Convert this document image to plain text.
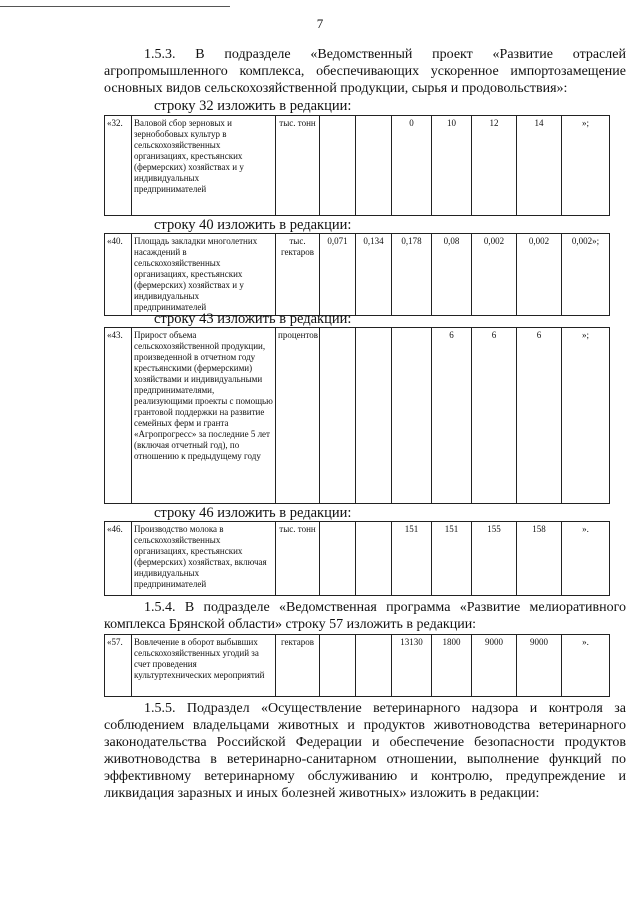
7
1.5.3. В подразделе «Ведомственный проект «Развитие отраслей агропромышленного комплекса, обеспечивающих ускоренное импортозамещение основных видов сельскохозяйственной продукции, сырья и продовольствия»:
строку 32 изложить в редакции:
«32.	Валовой сбор зерновых и зернобобовых культур в сельскохозяйственных организациях, крестьянских (фермерских) хозяйствах и у индивидуальных предпринимателей	тыс. тонн			0	10	12	14	»;
строку 40 изложить в редакции:
«40.	Площадь закладки многолетних насаждений в сельскохозяйственных организациях, крестьянских (фермерских) хозяйствах и у индивидуальных предпринимателей	тыс. гектаров	0,071	0,134	0,178	0,08	0,002	0,002	0,002»;
строку 43 изложить в редакции:
«43.	Прирост объема сельскохозяйственной продукции, произведенной в отчетном году крестьянскими (фермерскими) хозяйствами и индивидуальными предпринимателями, реализующими проекты с помощью грантовой поддержки на развитие семейных ферм и гранта «Агропрогресс» за последние 5 лет (включая отчетный год), по отношению к предыдущему году	процентов				6	6	6	»;
строку 46 изложить в редакции:
«46.	Производство молока в сельскохозяйственных организациях, крестьянских (фермерских) хозяйствах, включая индивидуальных предпринимателей	тыс. тонн			151	151	155	158	».
1.5.4. В подразделе «Ведомственная программа «Развитие мелиоративного комплекса Брянской области» строку 57 изложить в редакции:
«57.	Вовлечение в оборот выбывших сельскохозяйственных угодий за счет проведения культуртехнических мероприятий	гектаров			13130	1800	9000	9000	».
1.5.5. Подраздел «Осуществление ветеринарного надзора и контроля за соблюдением владельцами животных и продуктов животноводства ветеринарного законодательства Российской Федерации и обеспечение безопасности продуктов животноводства в ветеринарно-санитарном отношении, выполнение функций по эффективному ветеринарному обслуживанию и контролю, предупреждение и ликвидация заразных и иных болезней животных» изложить в редакции:
